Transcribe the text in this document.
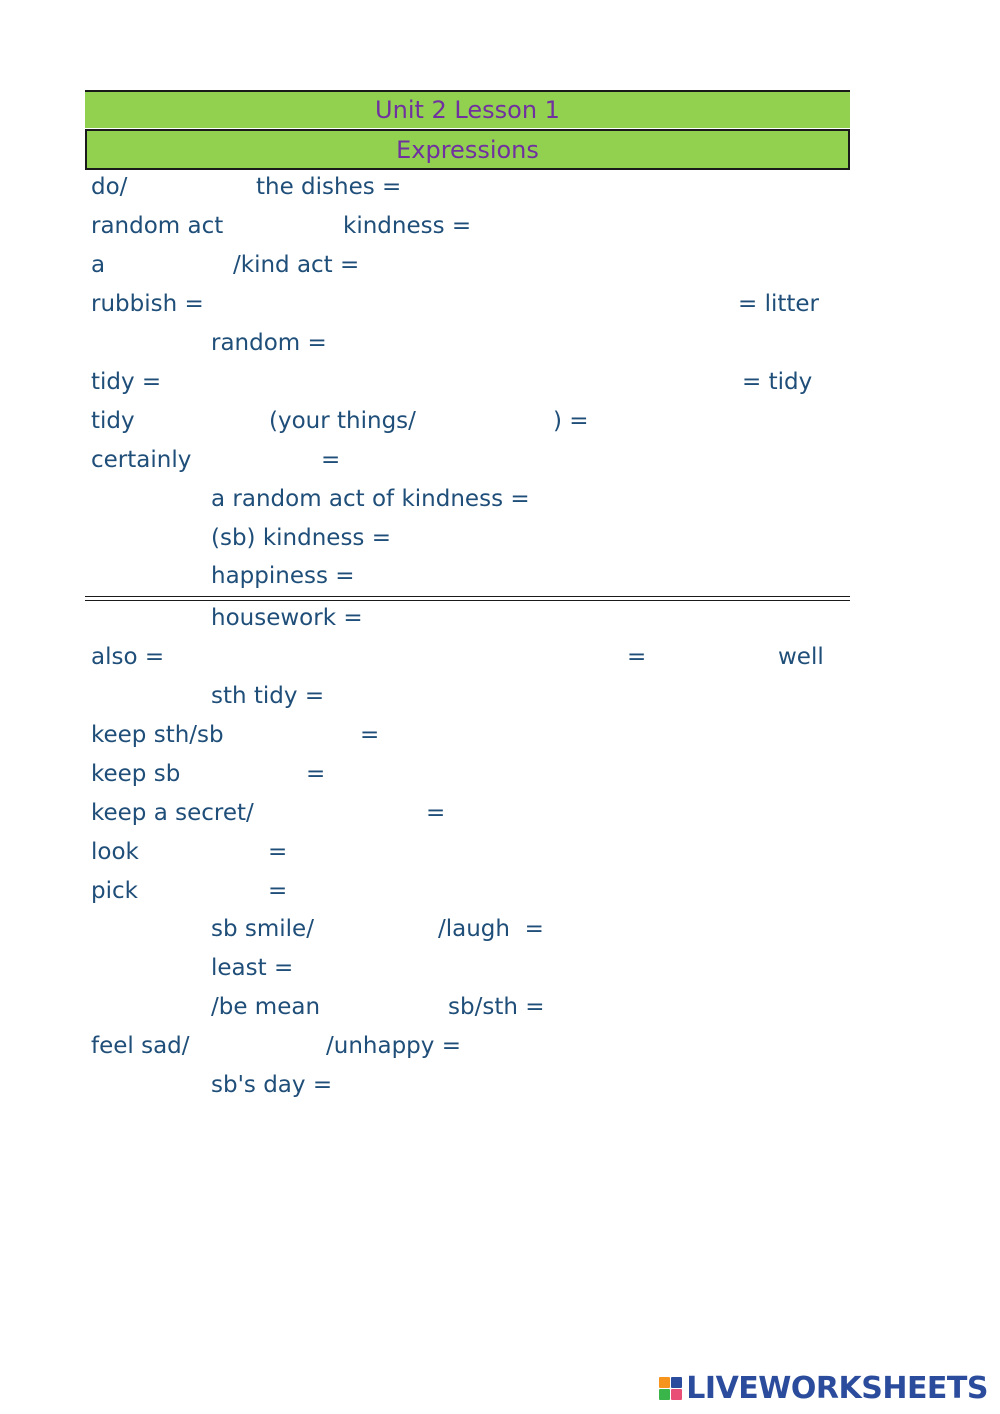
Unit 2 Lesson 1
Expressions
do/	the dishes =
random act	kindness =
a	/kind act =
rubbish =	= litter
random =
tidy =	= tidy
tidy	(your things/	) =
certainly	=
a random act of kindness =
(sb) kindness =
happiness =
housework =
also =	=	well
sth tidy =
keep sth/sb	=
keep sb	=
keep a secret/	=
look	=
pick	=
sb smile/	/laugh  =
least =
/be mean	sb/sth =
feel sad/	/unhappy =
sb's day =
LIVEWORKSHEETS
